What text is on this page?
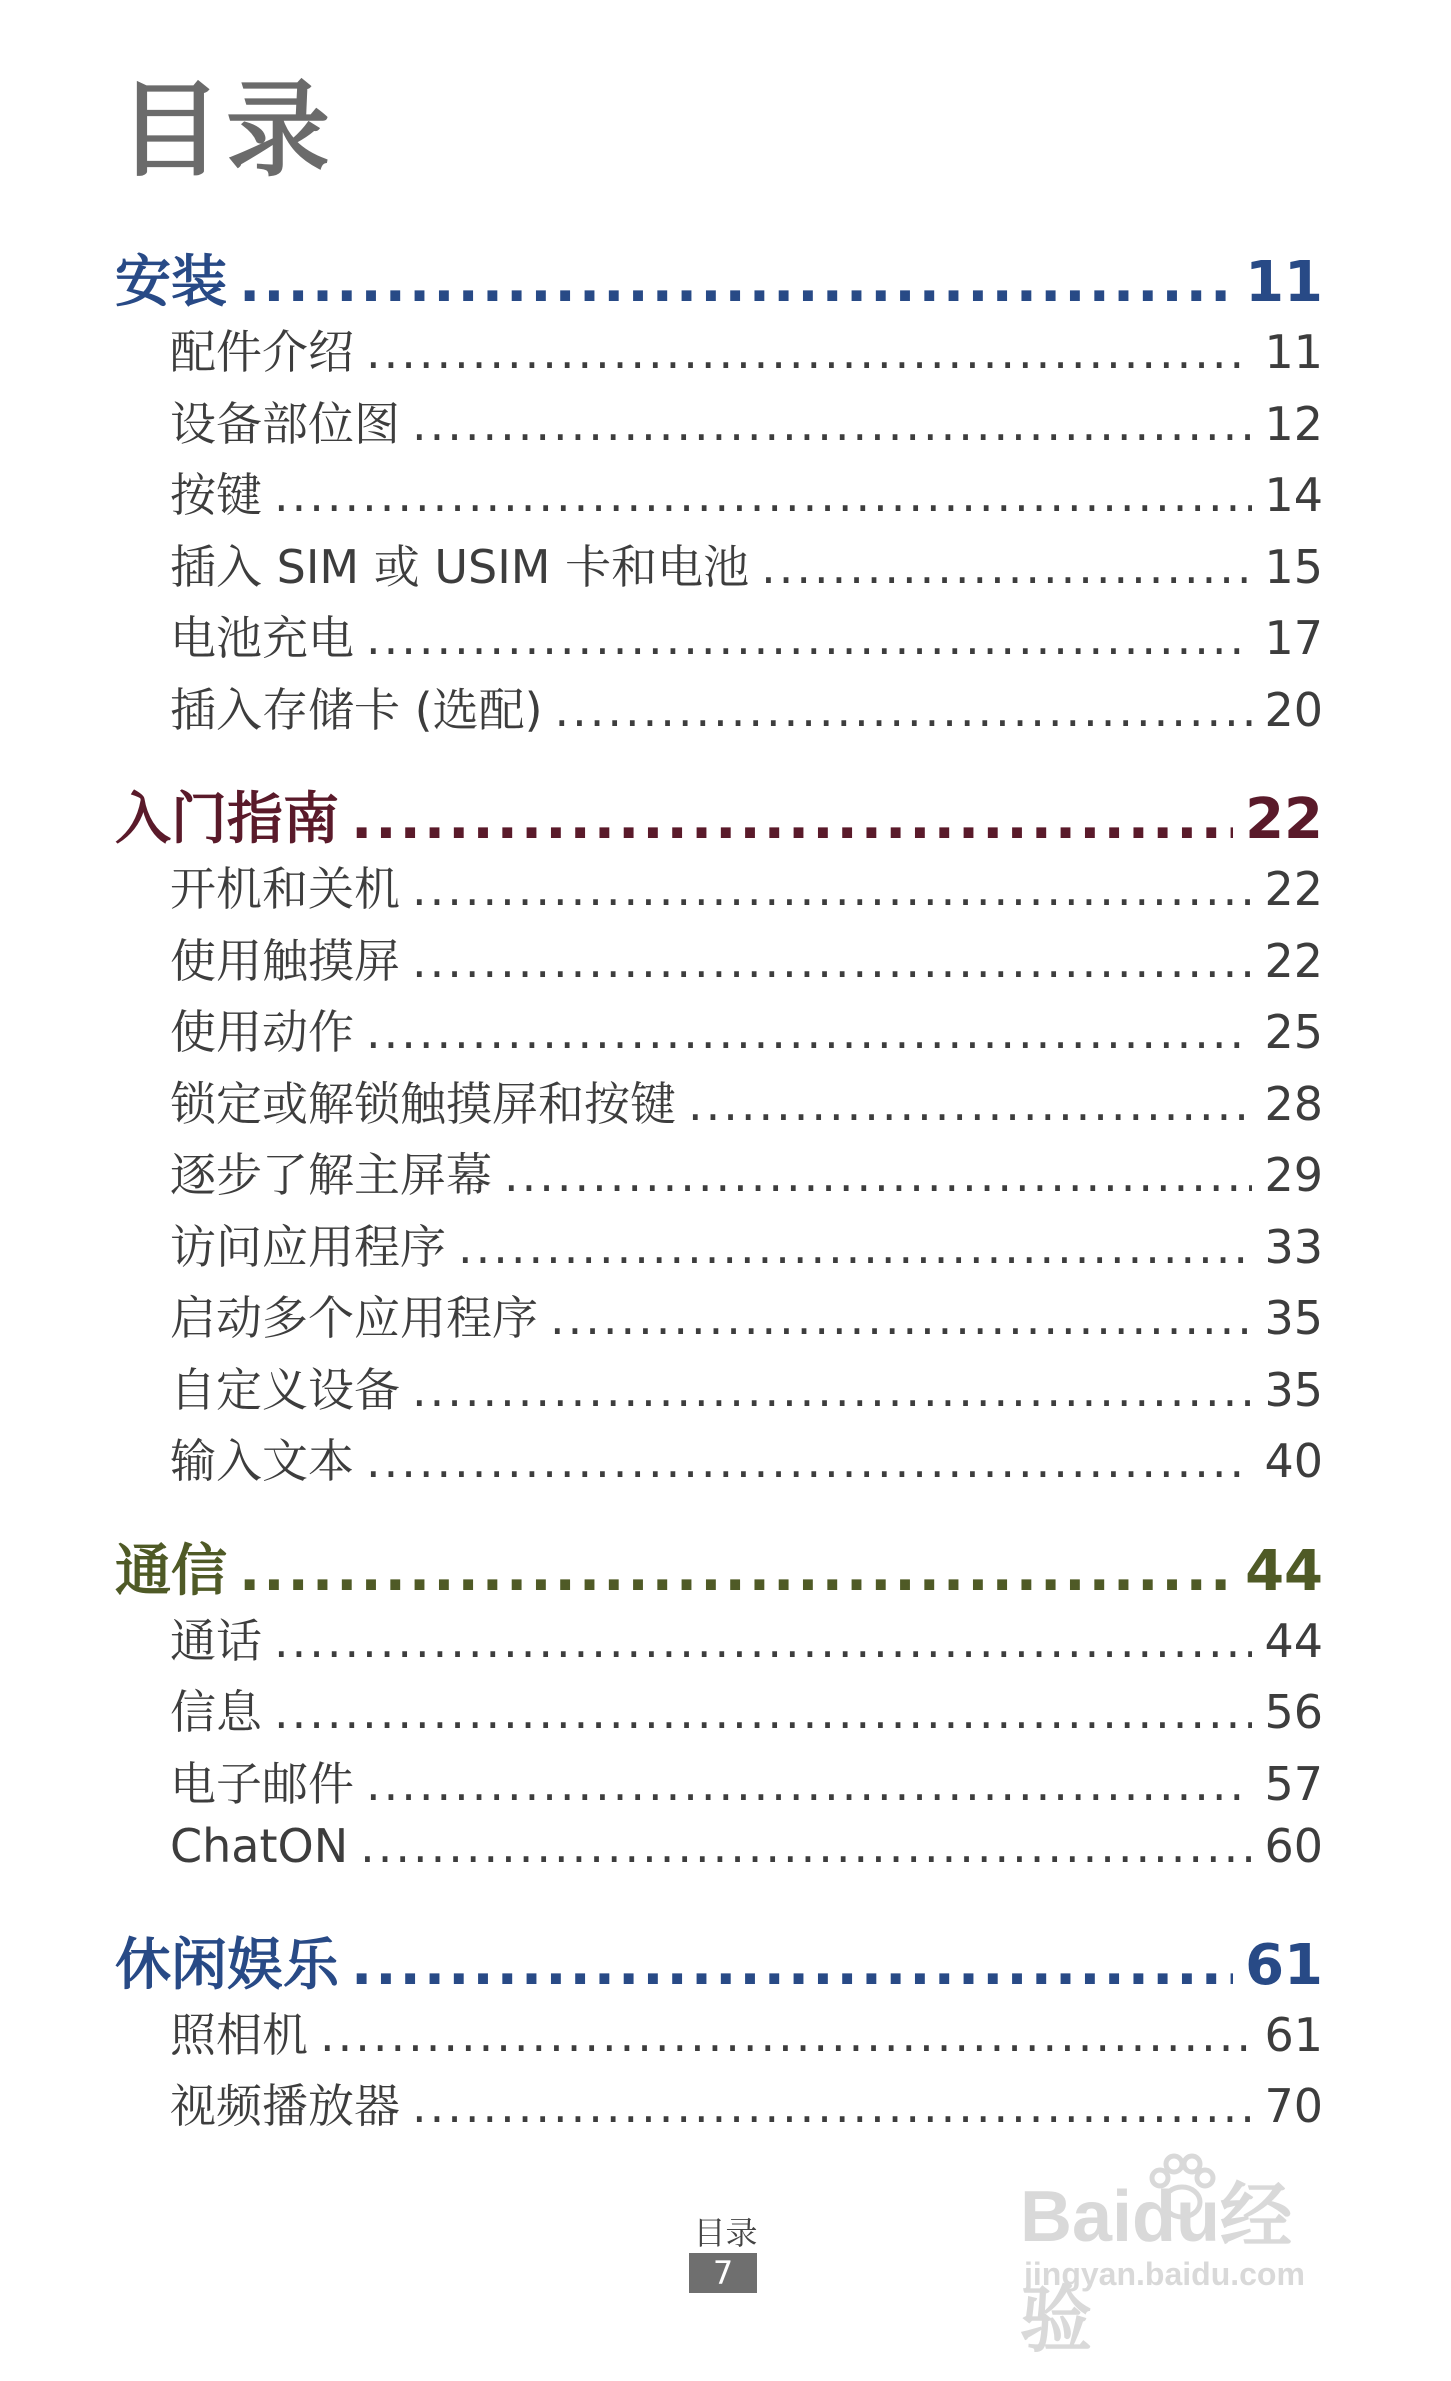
目录
安装 .....	11
配件介绍 .....	11
设备部位图 .....	12
按键 .....	14
插入 SIM 或 USIM 卡和电池 .....	15
电池充电 .....	17
插入存储卡 (选配) .....	20
入门指南 .....	22
开机和关机 .....	22
使用触摸屏 .....	22
使用动作 .....	25
锁定或解锁触摸屏和按键 .....	28
逐步了解主屏幕 .....	29
访问应用程序 .....	33
启动多个应用程序 .....	35
自定义设备 .....	35
输入文本 .....	40
通信 .....	44
通话 .....	44
信息 .....	56
电子邮件 .....	57
ChatON .....	60
休闲娱乐 .....	61
照相机 .....	61
视频播放器 .....	70
目录
7
Baidu经验
jingyan.baidu.com
